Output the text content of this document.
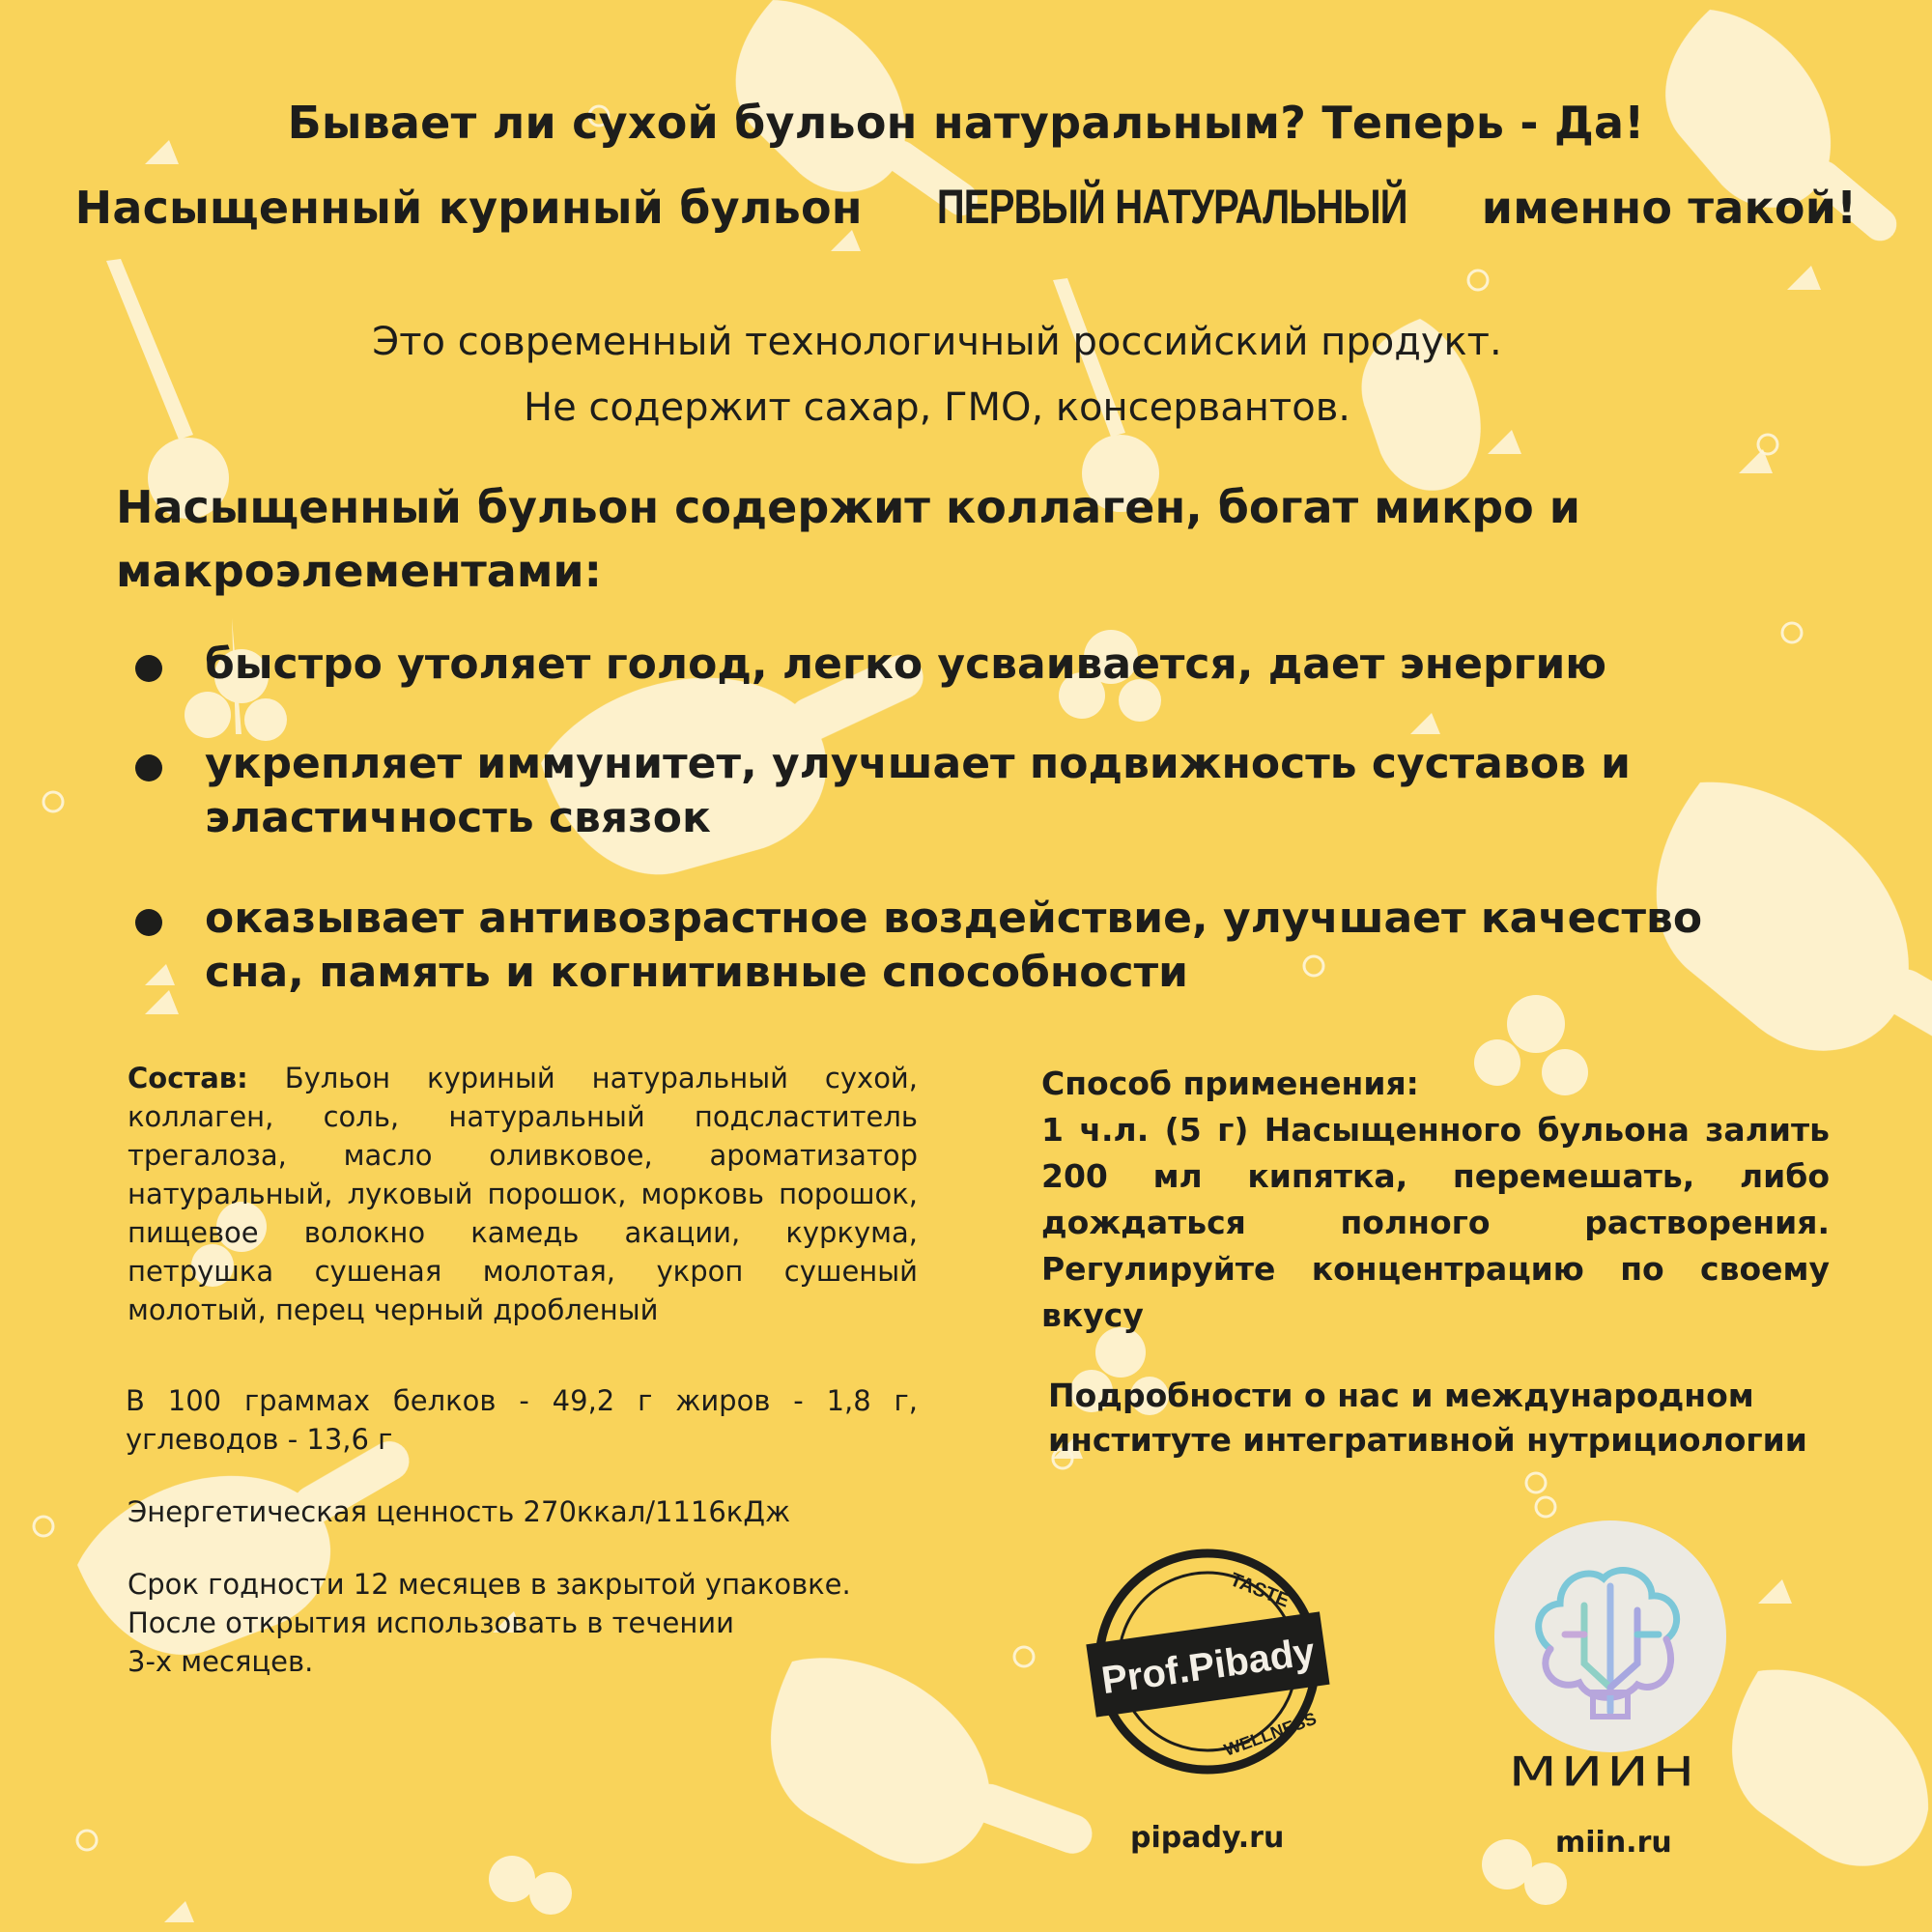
Бывает ли сухой бульон натуральным? Теперь - Да!
Насыщенный куриный бульон ПЕРВЫЙ НАТУРАЛЬНЫЙ именно такой!
Это современный технологичный российский продукт.
Не содержит сахар, ГМО, консервантов.
Насыщенный бульон содержит коллаген, богат микро и
макроэлементами:
быстро утоляет голод, легко усваивается, дает энергию
укрепляет иммунитет, улучшает подвижность суставов и
эластичность связок
оказывает антивозрастное воздействие, улучшает качество
сна, память и когнитивные способности
Состав: Бульон куриный натуральный сухой, коллаген, соль, натуральный подсластитель трегалоза, масло оливковое, ароматизатор натуральный, луковый порошок, морковь порошок, пищевое волокно камедь акации, куркума, петрушка сушеная молотая, укроп сушеный молотый, перец черный дробленый
В 100 граммах белков - 49,2 г жиров - 1,8 г,
углеводов - 13,6 г
Энергетическая ценность 270ккал/1116кДж
Срок годности 12 месяцев в закрытой упаковке.
После открытия использовать в течении
3-х месяцев.
Способ применения:
1 ч.л. (5 г) Насыщенного бульона залить 200 мл кипятка, перемешать, либо дождаться полного растворения. Регулируйте концентрацию по своему вкусу
Подробности о нас и международном
институте интегративной нутрициологии
TASTE
WELLNESS
Prof.Pibady
МИИН
pipady.ru	miin.ru
